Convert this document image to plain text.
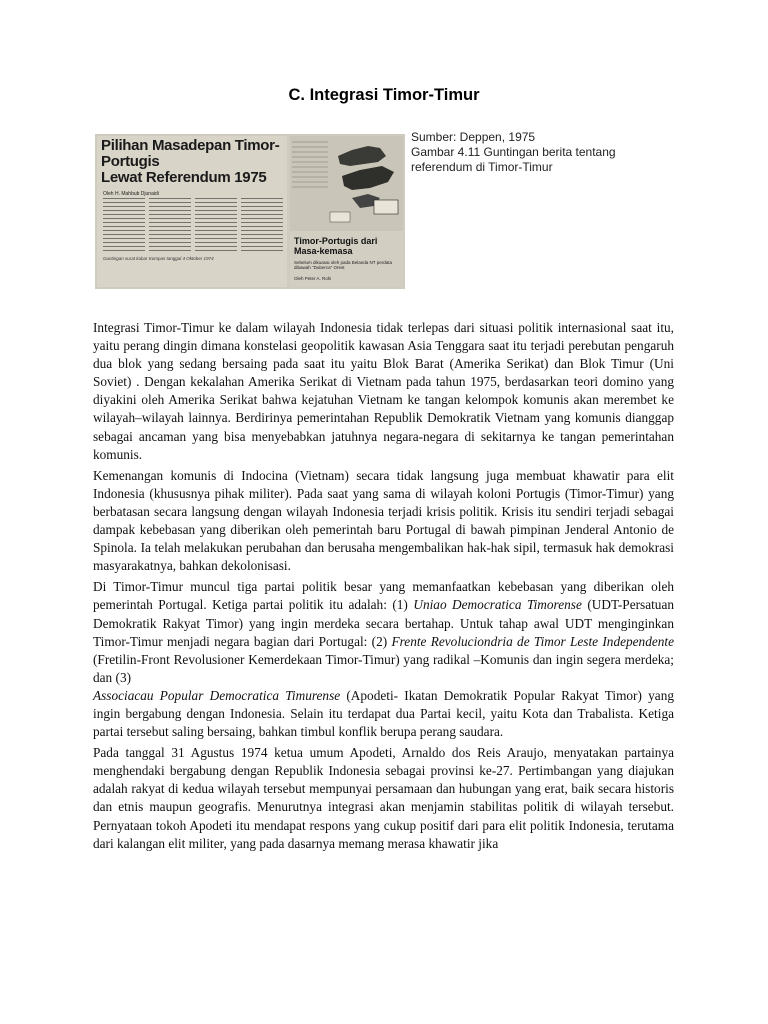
C. Integrasi Timor-Timur
Pilihan Masadepan Timor-Portugis
Lewat Referendum 1975
Oleh H. Mahbub Djunaidi
Guntingan surat kabar Kompas tanggal 4 Oktober 1974
Timor-Portugis dari Masa-kemasa
Sebelum dikuasai oleh pada Belanda NT perdata dibawah "Duberca" Orest
Oleh Peter A. Rohi
Sumber: Deppen, 1975
Gambar 4.11 Guntingan berita tentang
referendum di Timor-Timur

Integrasi Timor-Timur ke dalam wilayah Indonesia tidak terlepas dari situasi politik internasional saat itu, yaitu perang dingin dimana konstelasi geopolitik kawasan Asia Tenggara saat itu terjadi perebutan pengaruh dua blok yang sedang bersaing pada saat itu yaitu Blok Barat (Amerika Serikat) dan Blok Timur (Uni Soviet) . Dengan kekalahan Amerika Serikat di Vietnam pada tahun 1975, berdasarkan teori domino yang diyakini oleh Amerika Serikat bahwa kejatuhan Vietnam ke tangan kelompok komunis akan merembet ke wilayah–wilayah lainnya. Berdirinya pemerintahan Republik Demokratik Vietnam yang komunis dianggap sebagai ancaman yang bisa menyebabkan jatuhnya negara-negara di sekitarnya ke tangan pemerintahan komunis.

Kemenangan komunis di Indocina (Vietnam) secara tidak langsung juga membuat khawatir para elit Indonesia (khususnya pihak militer). Pada saat yang sama di wilayah koloni Portugis (Timor-Timur) yang berbatasan secara langsung dengan wilayah Indonesia terjadi krisis politik. Krisis itu sendiri terjadi sebagai dampak kebebasan yang diberikan oleh pemerintah baru Portugal di bawah pimpinan Jenderal Antonio de Spinola. Ia telah melakukan perubahan dan berusaha mengembalikan hak-hak sipil, termasuk hak demokrasi masyarakatnya, bahkan dekolonisasi.

Di Timor-Timur muncul tiga partai politik besar yang memanfaatkan kebebasan yang diberikan oleh pemerintah Portugal. Ketiga partai politik itu adalah: (1) Uniao Democratica Timorense (UDT-Persatuan Demokratik Rakyat Timor) yang ingin merdeka secara bertahap. Untuk tahap awal UDT menginginkan Timor-Timur menjadi negara bagian dari Portugal: (2) Frente Revoluciondria de Timor Leste Independente (Fretilin-Front Revolusioner Kemerdekaan Timor-Timur) yang radikal –Komunis dan ingin segera merdeka; dan (3)
Associacau Popular Democratica Timurense (Apodeti- Ikatan Demokratik Popular Rakyat Timor) yang ingin bergabung dengan Indonesia. Selain itu terdapat dua Partai kecil, yaitu Kota dan Trabalista. Ketiga partai tersebut saling bersaing, bahkan timbul konflik berupa perang saudara.

Pada tanggal 31 Agustus 1974 ketua umum Apodeti, Arnaldo dos Reis Araujo, menyatakan partainya menghendaki bergabung dengan Republik Indonesia sebagai provinsi ke-27. Pertimbangan yang diajukan adalah rakyat di kedua wilayah tersebut mempunyai persamaan dan hubungan yang erat, baik secara historis dan etnis maupun geografis. Menurutnya integrasi akan menjamin stabilitas politik di wilayah tersebut. Pernyataan tokoh Apodeti itu mendapat respons yang cukup positif dari para elit politik Indonesia, terutama dari kalangan elit militer, yang pada dasarnya memang merasa khawatir jika
